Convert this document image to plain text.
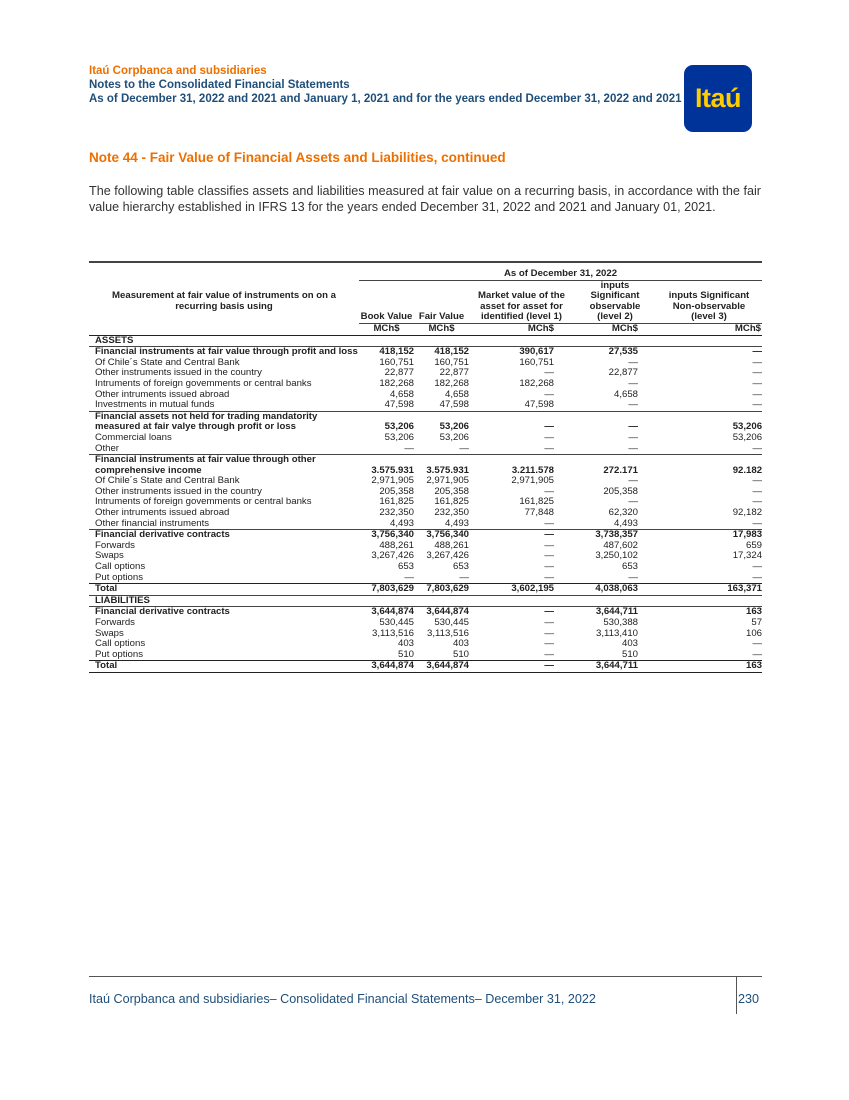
Itaú Corpbanca and subsidiaries
Notes to the Consolidated Financial Statements
As of December 31, 2022 and 2021 and January 1, 2021 and for the years ended December 31, 2022 and 2021 Itaú
Note 44 - Fair Value of Financial Assets and Liabilities, continued
The following table classifies assets and liabilities measured at fair value on a recurring basis, in accordance with the fair value hierarchy established in IFRS 13 for the years ended December 31, 2022 and 2021 and January 01, 2021.

	As of December 31, 2022				
Measurement at fair value of instruments on on a recurring basis using	Book Value	Fair Value	Market value of the asset for asset for identified (level 1)	inputs Significant observable (level 2)	inputs Significant Non-observable (level 3)
	MCh$	MCh$	MCh$	MCh$	MCh$
ASSETS					
Financial instruments at fair value through profit and loss	418,152	418,152	390,617	27,535	—
Of Chile´s State and Central Bank	160,751	160,751	160,751	—	—
Other instruments issued in the country	22,877	22,877	—	22,877	—
Intruments of foreign govemments or central banks	182,268	182,268	182,268	—	—
Other intruments issued abroad	4,658	4,658	—	4,658	—
Investments in mutual funds	47,598	47,598	47,598	—	—
Financial assets not held for trading mandatority measured at fair valye through profit or loss	53,206	53,206	—	—	53,206
Commercial loans	53,206	53,206	—	—	53,206
Other	—	—	—	—	—
Financial instruments at fair value through other comprehensive income	3.575.931	3.575.931	3.211.578	272.171	92.182
Of Chile´s State and Central Bank	2,971,905	2,971,905	2,971,905	—	—
Other instruments issued in the country	205,358	205,358	—	205,358	—
Intruments of foreign govemments or central banks	161,825	161,825	161,825	—	—
Other intruments issued abroad	232,350	232,350	77,848	62,320	92,182
Other financial instruments	4,493	4,493	—	4,493	—
Financial derivative contracts	3,756,340	3,756,340	—	3,738,357	17,983
Forwards	488,261	488,261	—	487,602	659
Swaps	3,267,426	3,267,426	—	3,250,102	17,324
Call options	653	653	—	653	—
Put options	—	—	—	—	—
Total	7,803,629	7,803,629	3,602,195	4,038,063	163,371
LIABILITIES					
Financial derivative contracts	3,644,874	3,644,874	—	3,644,711	163
Forwards	530,445	530,445	—	530,388	57
Swaps	3,113,516	3,113,516	—	3,113,410	106
Call options	403	403	—	403	—
Put options	510	510	—	510	—
Total	3,644,874	3,644,874	—	3,644,711	163
Itaú Corpbanca and subsidiaries– Consolidated Financial Statements– December 31, 2022	230
